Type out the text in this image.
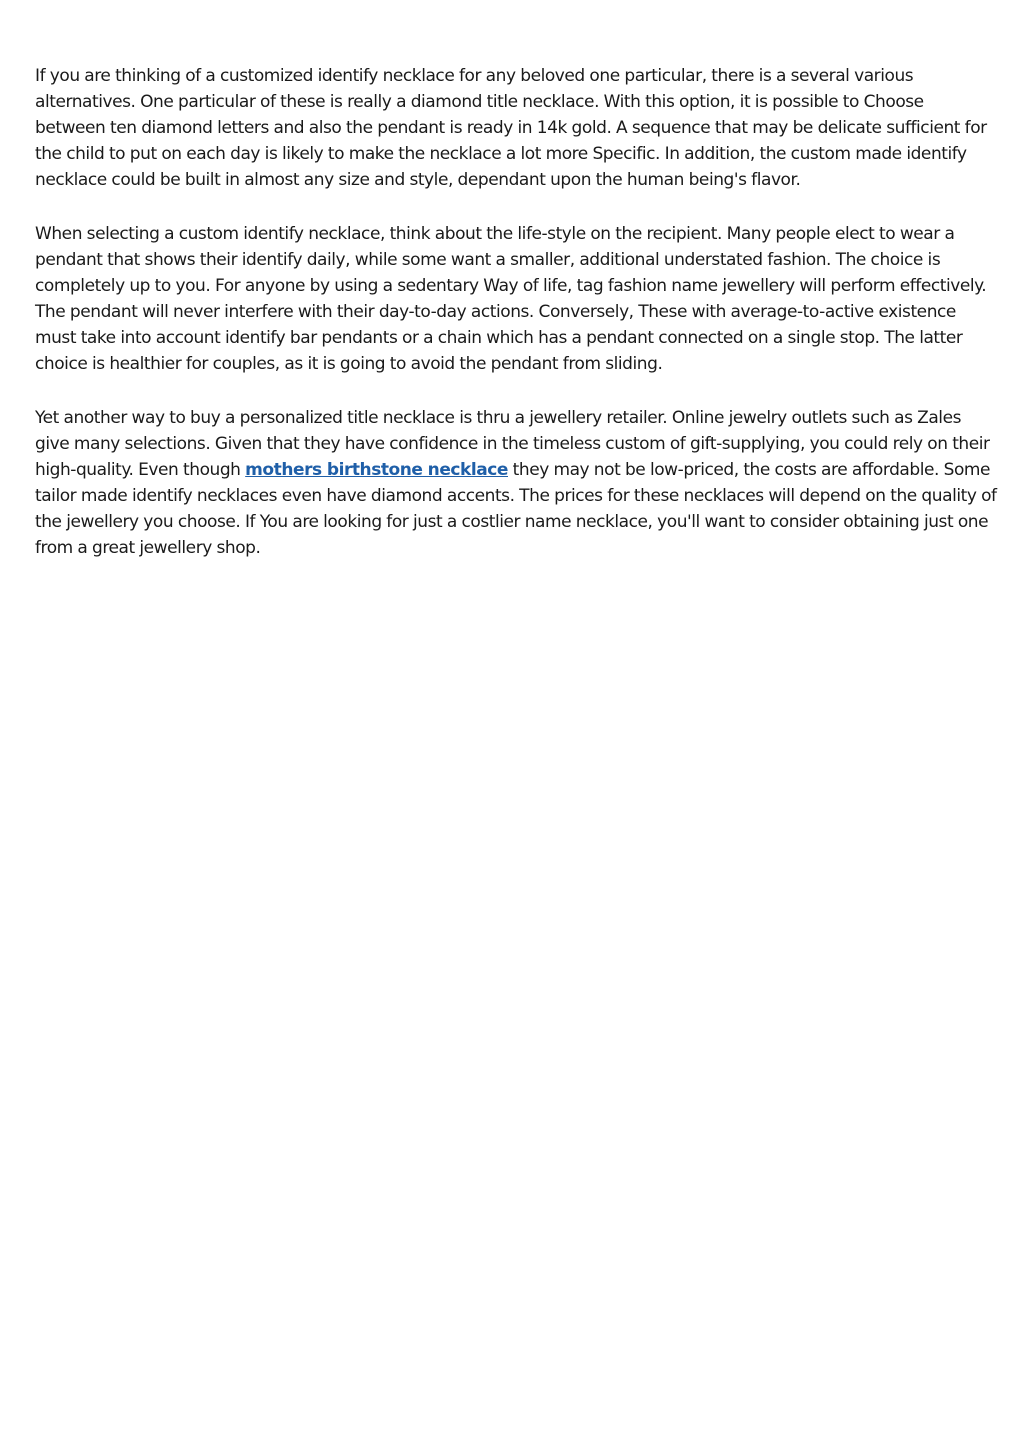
If you are thinking of a customized identify necklace for any beloved one particular, there is a several various alternatives. One particular of these is really a diamond title necklace. With this option, it is possible to Choose between ten diamond letters and also the pendant is ready in 14k gold. A sequence that may be delicate sufficient for the child to put on each day is likely to make the necklace a lot more Specific. In addition, the custom made identify necklace could be built in almost any size and style, dependant upon the human being's flavor.

When selecting a custom identify necklace, think about the life-style on the recipient. Many people elect to wear a pendant that shows their identify daily, while some want a smaller, additional understated fashion. The choice is completely up to you. For anyone by using a sedentary Way of life, tag fashion name jewellery will perform effectively. The pendant will never interfere with their day-to-day actions. Conversely, These with average-to-active existence must take into account identify bar pendants or a chain which has a pendant connected on a single stop. The latter choice is healthier for couples, as it is going to avoid the pendant from sliding.

Yet another way to buy a personalized title necklace is thru a jewellery retailer. Online jewelry outlets such as Zales give many selections. Given that they have confidence in the timeless custom of gift-supplying, you could rely on their high-quality. Even though mothers birthstone necklace they may not be low-priced, the costs are affordable. Some tailor made identify necklaces even have diamond accents. The prices for these necklaces will depend on the quality of the jewellery you choose. If You are looking for just a costlier name necklace, you'll want to consider obtaining just one from a great jewellery shop.
